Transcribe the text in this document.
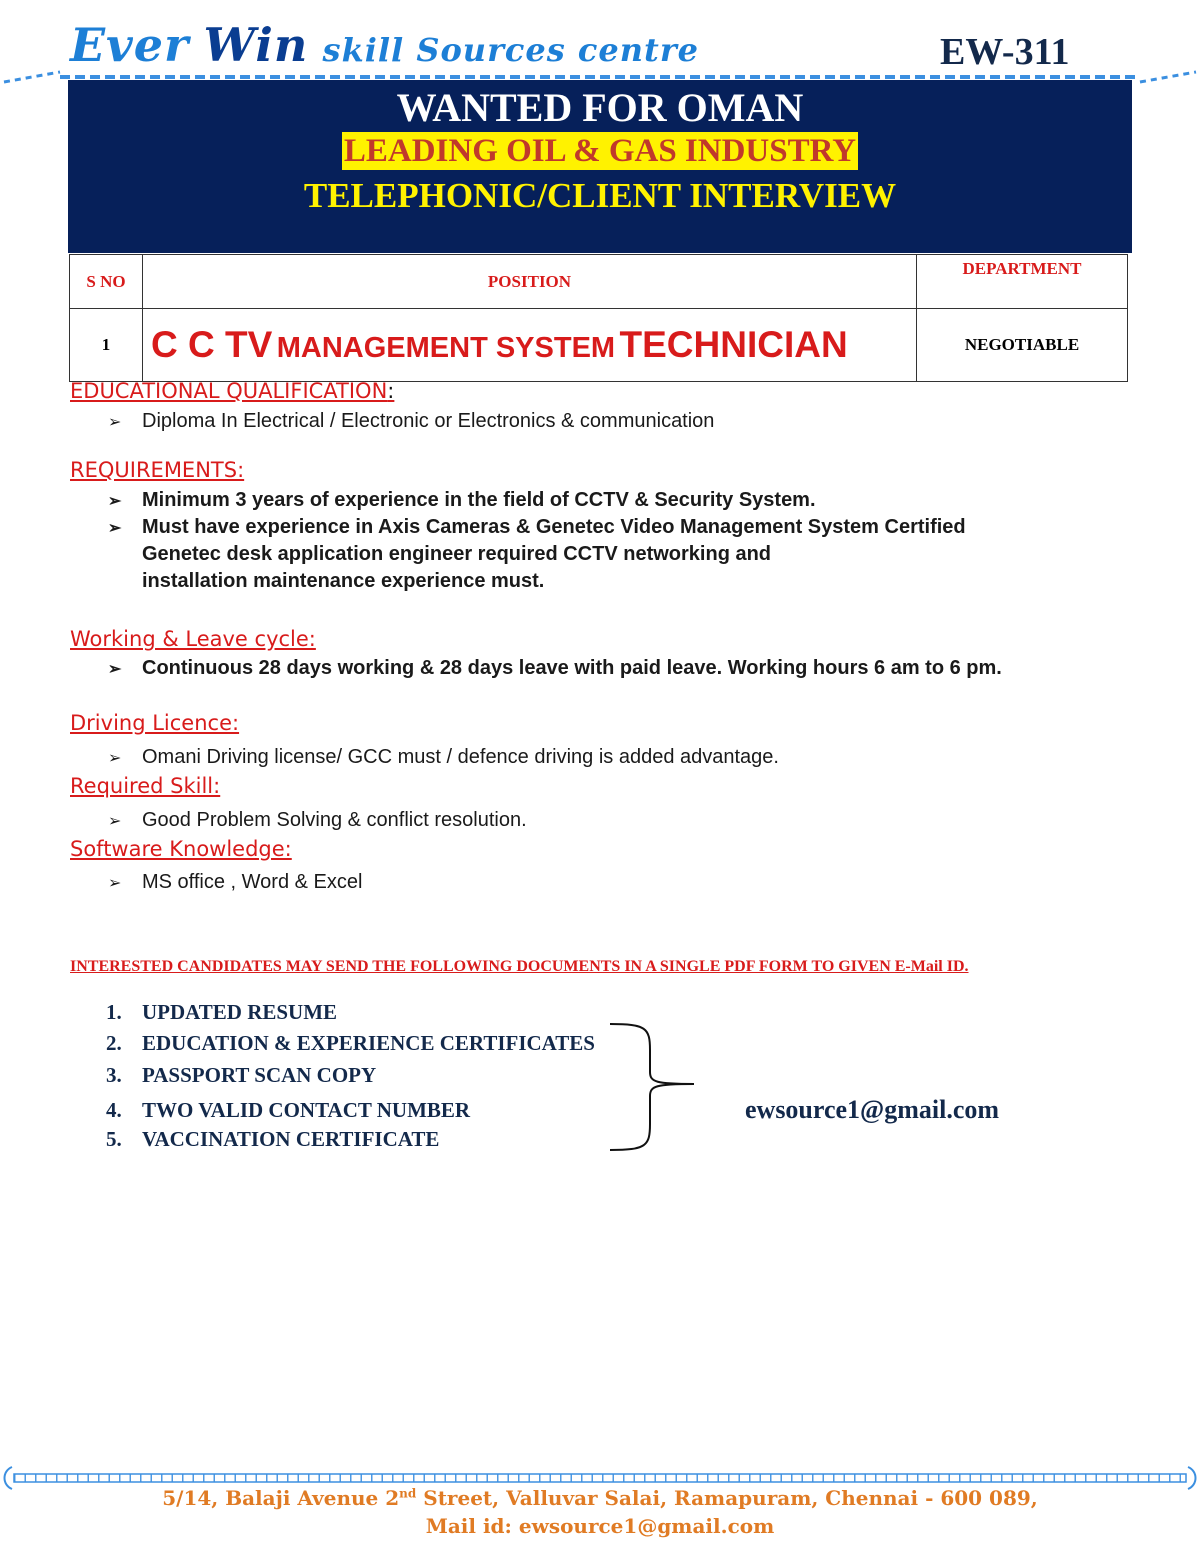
Ever Win skill Sources centre	EW-311
WANTED FOR OMAN
LEADING OIL & GAS INDUSTRY
TELEPHONIC/CLIENT INTERVIEW
S NO	POSITION	DEPARTMENT
1	C C TV MANAGEMENT SYSTEM TECHNICIAN	NEGOTIABLE
EDUCATIONAL QUALIFICATION:
➢ Diploma In Electrical / Electronic or Electronics & communication
REQUIREMENTS:
➢ Minimum 3 years of experience in the field of CCTV & Security System.
➢ Must have experience in Axis Cameras & Genetec Video Management System Certified
Genetec desk application engineer required CCTV networking and
installation maintenance experience must.
Working & Leave cycle:
➢ Continuous 28 days working & 28 days leave with paid leave. Working hours 6 am to 6 pm.
Driving Licence:
➢ Omani Driving license/ GCC must / defence driving is added advantage.
Required Skill:
➢ Good Problem Solving & conflict resolution.
Software Knowledge:
➢ MS office , Word & Excel
INTERESTED CANDIDATES MAY SEND THE FOLLOWING DOCUMENTS IN A SINGLE PDF FORM TO GIVEN E-Mail ID.
1. UPDATED RESUME
2. EDUCATION & EXPERIENCE CERTIFICATES
3. PASSPORT SCAN COPY
4. TWO VALID CONTACT NUMBER
5. VACCINATION CERTIFICATE
ewsource1@gmail.com
5/14, Balaji Avenue 2nd Street, Valluvar Salai, Ramapuram, Chennai - 600 089,
Mail id: ewsource1@gmail.com
